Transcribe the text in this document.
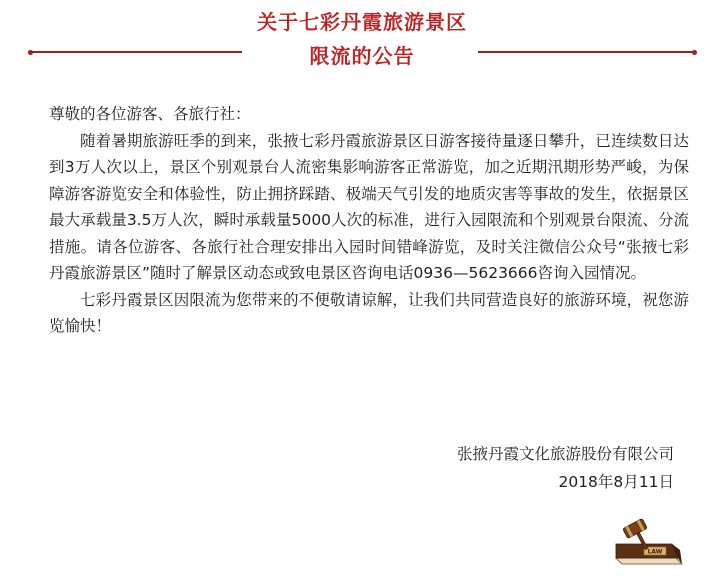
关于七彩丹霞旅游景区
限流的公告

尊敬的各位游客、各旅行社：

随着暑期旅游旺季的到来，张掖七彩丹霞旅游景区日游客接待量逐日攀升，已连续数日达到3万人次以上，景区个别观景台人流密集影响游客正常游览，加之近期汛期形势严峻，为保障游客游览安全和体验性，防止拥挤踩踏、极端天气引发的地质灾害等事故的发生，依据景区最大承载量3.5万人次，瞬时承载量5000人次的标准，进行入园限流和个别观景台限流、分流措施。请各位游客、各旅行社合理安排出入园时间错峰游览，及时关注微信公众号“张掖七彩丹霞旅游景区”随时了解景区动态或致电景区咨询电话0936—5623666咨询入园情况。

七彩丹霞景区因限流为您带来的不便敬请谅解，让我们共同营造良好的旅游环境，祝您游览愉快！

张掖丹霞文化旅游股份有限公司
2018年8月11日
LAW
